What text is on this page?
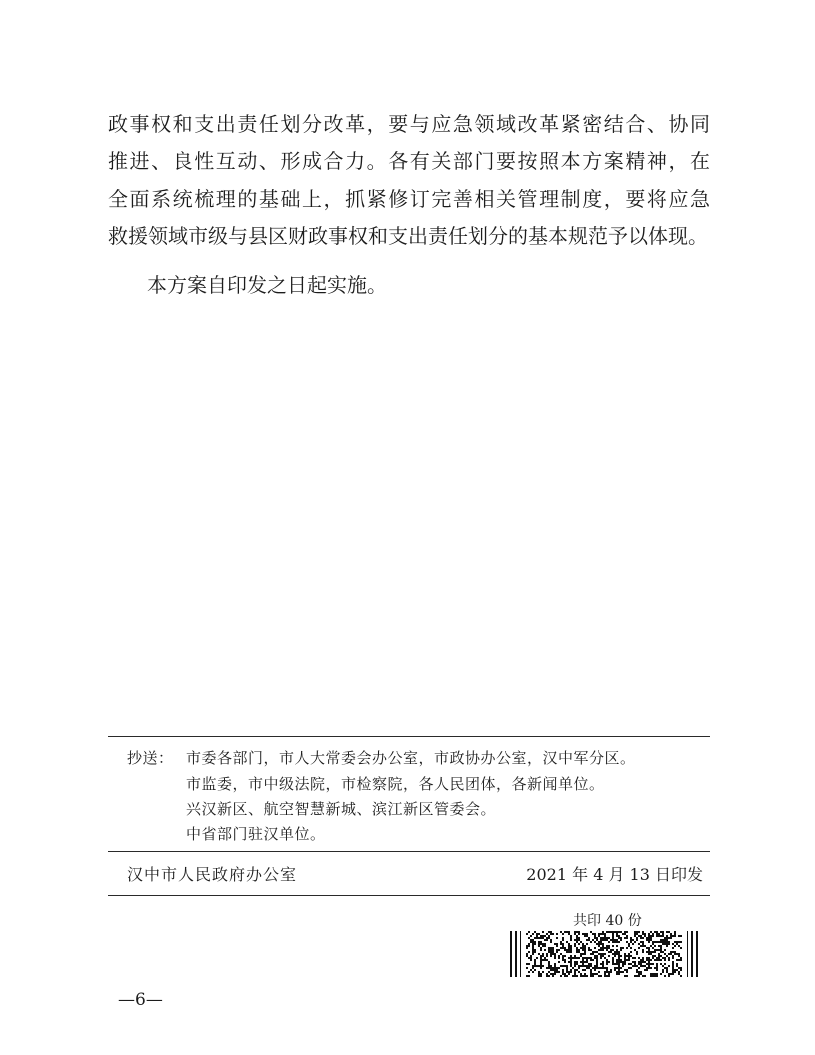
政事权和支出责任划分改革，要与应急领域改革紧密结合、协同
推进、良性互动、形成合力。各有关部门要按照本方案精神，在
全面系统梳理的基础上，抓紧修订完善相关管理制度，要将应急
救援领域市级与县区财政事权和支出责任划分的基本规范予以体现。
本方案自印发之日起实施。
抄送： 市委各部门，市人大常委会办公室，市政协办公室，汉中军分区。
市监委，市中级法院，市检察院，各人民团体，各新闻单位。
兴汉新区、航空智慧新城、滨江新区管委会。
中省部门驻汉单位。
汉中市人民政府办公室	2021 年 4 月 13 日印发
共印 40 份
—6—
